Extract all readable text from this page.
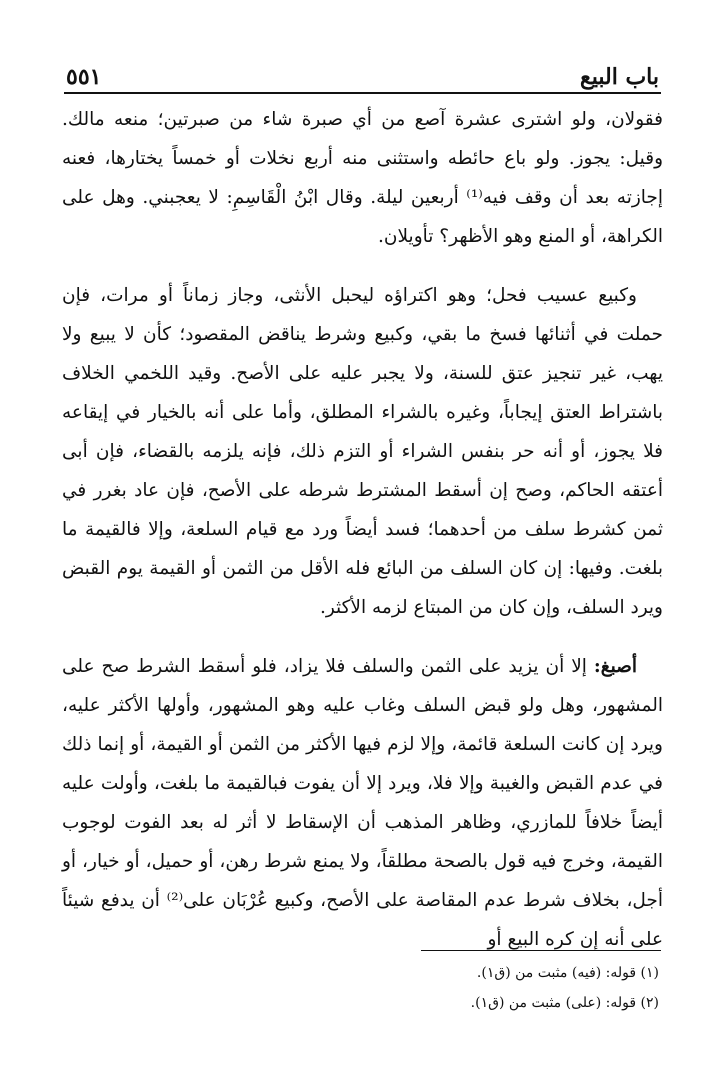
باب البيع
٥٥١

فقولان، ولو اشترى عشرة آصع من أي صبرة شاء من صبرتين؛ منعه مالك. وقيل: يجوز. ولو باع حائطه واستثنى منه أربع نخلات أو خمساً يختارها، فعنه إجازته بعد أن وقف فيه⁽¹⁾ أربعين ليلة. وقال ابْنُ الْقَاسِمِ: لا يعجبني. وهل على الكراهة، أو المنع وهو الأظهر؟ تأويلان.

وكبيع عسيب فحل؛ وهو اكتراؤه ليحبل الأنثى، وجاز زماناً أو مرات، فإن حملت في أثنائها فسخ ما بقي، وكبيع وشرط يناقض المقصود؛ كأن لا يبيع ولا يهب، غير تنجيز عتق للسنة، ولا يجبر عليه على الأصح. وقيد اللخمي الخلاف باشتراط العتق إيجاباً، وغيره بالشراء المطلق، وأما على أنه بالخيار في إيقاعه فلا يجوز، أو أنه حر بنفس الشراء أو التزم ذلك، فإنه يلزمه بالقضاء، فإن أبى أعتقه الحاكم، وصح إن أسقط المشترط شرطه على الأصح، فإن عاد بغرر في ثمن كشرط سلف من أحدهما؛ فسد أيضاً ورد مع قيام السلعة، وإلا فالقيمة ما بلغت. وفيها: إن كان السلف من البائع فله الأقل من الثمن أو القيمة يوم القبض ويرد السلف، وإن كان من المبتاع لزمه الأكثر.

أصبغ: إلا أن يزيد على الثمن والسلف فلا يزاد، فلو أسقط الشرط صح على المشهور، وهل ولو قبض السلف وغاب عليه وهو المشهور، وأولها الأكثر عليه، ويرد إن كانت السلعة قائمة، وإلا لزم فيها الأكثر من الثمن أو القيمة، أو إنما ذلك في عدم القبض والغيبة وإلا فلا، ويرد إلا أن يفوت فبالقيمة ما بلغت، وأولت عليه أيضاً خلافاً للمازري، وظاهر المذهب أن الإسقاط لا أثر له بعد الفوت لوجوب القيمة، وخرج فيه قول بالصحة مطلقاً، ولا يمنع شرط رهن، أو حميل، أو خيار، أو أجل، بخلاف شرط عدم المقاصة على الأصح، وكبيع عُرْبَان على⁽²⁾ أن يدفع شيئاً على أنه إن كره البيع أو

(١) قوله: (فيه) مثبت من (ق١).

(٢) قوله: (على) مثبت من (ق١).
